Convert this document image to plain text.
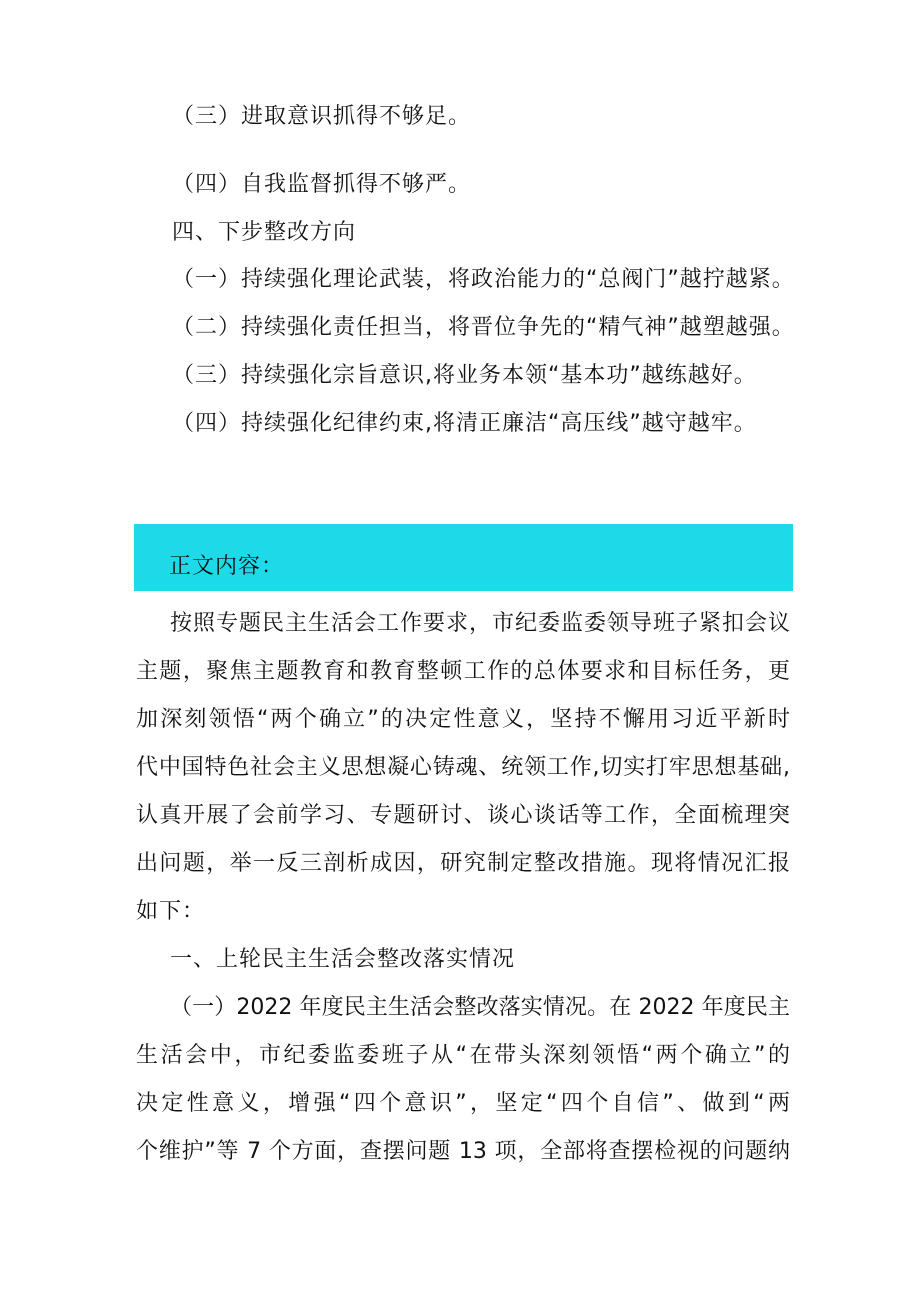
（三）进取意识抓得不够足。
（四）自我监督抓得不够严。
四、下步整改方向
（一）持续强化理论武装，将政治能力的“总阀门”越拧越紧。
（二）持续强化责任担当，将晋位争先的“精气神”越塑越强。
（三）持续强化宗旨意识,将业务本领“基本功”越练越好。
（四）持续强化纪律约束,将清正廉洁“高压线”越守越牢。
正文内容：
按照专题民主生活会工作要求，市纪委监委领导班子紧扣会议
主题，聚焦主题教育和教育整顿工作的总体要求和目标任务，更
加深刻领悟“两个确立”的决定性意义，坚持不懈用习近平新时
代中国特色社会主义思想凝心铸魂、统领工作,切实打牢思想基础,
认真开展了会前学习、专题研讨、谈心谈话等工作，全面梳理突
出问题，举一反三剖析成因，研究制定整改措施。现将情况汇报
如下：
一、上轮民主生活会整改落实情况
（一）2022 年度民主生活会整改落实情况。在 2022 年度民主
生活会中，市纪委监委班子从“在带头深刻领悟“两个确立”的
决定性意义，增强“四个意识”，坚定“四个自信”、做到“两
个维护”等 7 个方面，查摆问题 13 项，全部将查摆检视的问题纳
